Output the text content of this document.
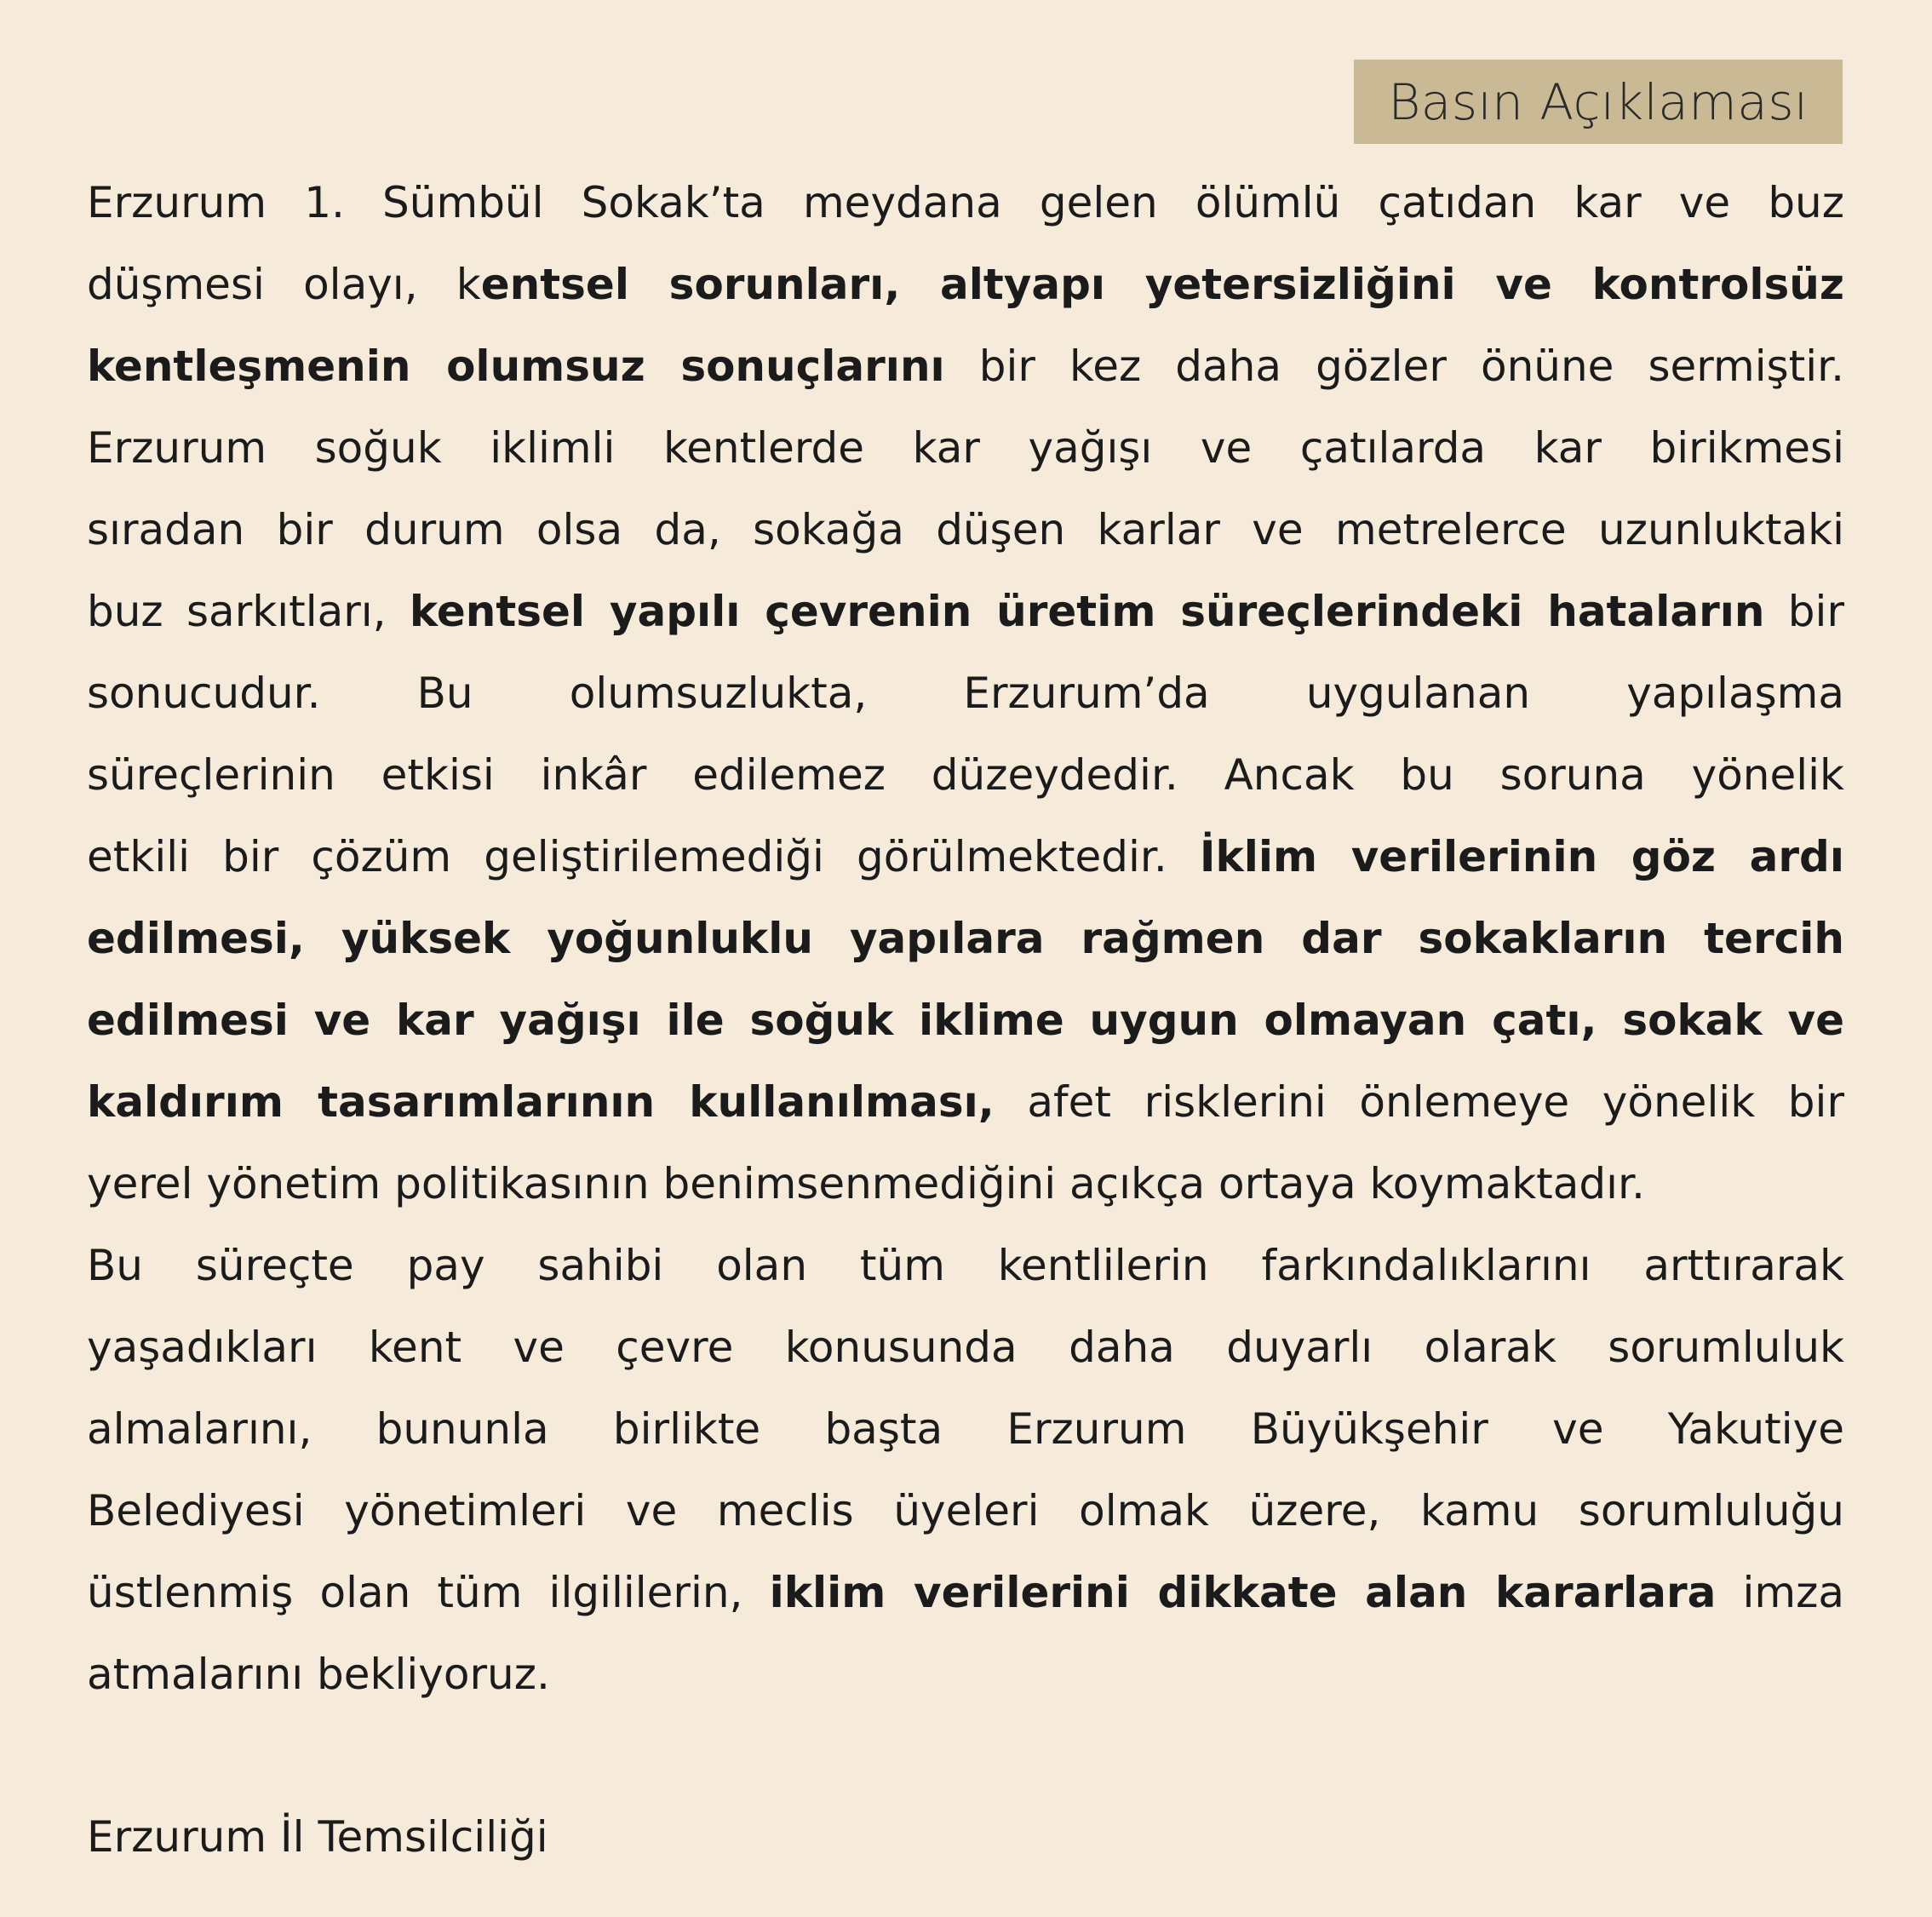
Basın Açıklaması
Erzurum 1. Sümbül Sokak’ta meydana gelen ölümlü çatıdan kar ve buz
düşmesi olayı, kentsel sorunları, altyapı yetersizliğini ve kontrolsüz
kentleşmenin olumsuz sonuçlarını bir kez daha gözler önüne sermiştir.
Erzurum soğuk iklimli kentlerde kar yağışı ve çatılarda kar birikmesi
sıradan bir durum olsa da, sokağa düşen karlar ve metrelerce uzunluktaki
buz sarkıtları, kentsel yapılı çevrenin üretim süreçlerindeki hataların bir
sonucudur. Bu olumsuzlukta, Erzurum’da uygulanan yapılaşma
süreçlerinin etkisi inkâr edilemez düzeydedir. Ancak bu soruna yönelik
etkili bir çözüm geliştirilemediği görülmektedir. İklim verilerinin göz ardı
edilmesi, yüksek yoğunluklu yapılara rağmen dar sokakların tercih
edilmesi ve kar yağışı ile soğuk iklime uygun olmayan çatı, sokak ve
kaldırım tasarımlarının kullanılması, afet risklerini önlemeye yönelik bir
yerel yönetim politikasının benimsenmediğini açıkça ortaya koymaktadır.
Bu süreçte pay sahibi olan tüm kentlilerin farkındalıklarını arttırarak
yaşadıkları kent ve çevre konusunda daha duyarlı olarak sorumluluk
almalarını, bununla birlikte başta Erzurum Büyükşehir ve Yakutiye
Belediyesi yönetimleri ve meclis üyeleri olmak üzere, kamu sorumluluğu
üstlenmiş olan tüm ilgililerin, iklim verilerini dikkate alan kararlara imza
atmalarını bekliyoruz.
Erzurum İl Temsilciliği
